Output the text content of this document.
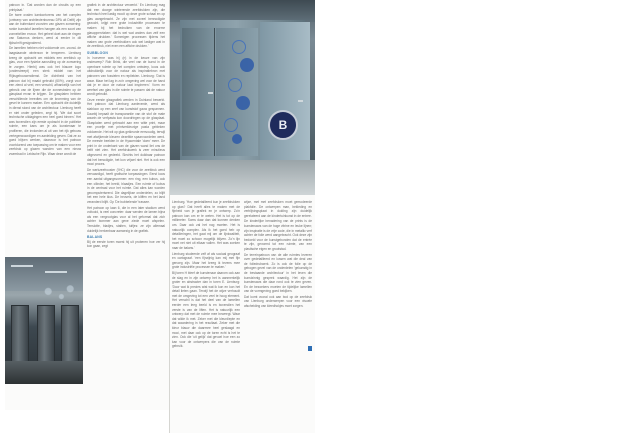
patroon in. 'Dat worden dan de circuits op een printplaat.'

De twee ovalen kantoortorens van het complex (ontwerp van architectenbureau DPA uit Delft) zijn aan de buitenkant voorzien van glazen zonwering: ranke kunststof lamellen hangen als een soort van zonnebrillen ervoor. Het geheel doet aan de ringen van Saturnus denken, werd al eerder in dit tijdschrift gesignaleerd.

De lamellen hebben niet voldoende om -vooral- de laagstaande winterzon te temperen. Lienburg kreeg de opdracht om middels een zeefdruk op glas, voor een fysieke aanvulling op de zonwering te zorgen. Hierbij was ook het blauwe logo (onderstreept) een sterk middel van het Rijksgebouwendienst. De dichtheid van het patroon dat hij maakt gebruikt (60%), zorgt voor een ziend al veel, een verschil, afhankelijk van het gebruik van de lijnen die de zonnestralen op de glasplaat ervan te krijgen. De glasplaten hebben verschillende breedtes om de kromming van de gevel te kunnen maken. Een opdracht die duidelijk in dienst stond van de architectuur. Lienburg heeft er niet onder geleden, zegt hij. 'We dat soort technische uitdagingen een heel goed binnen.' Het was bovendien zijn eerste opdracht in de publieke ruimte, een kans om je als kunstenaar te profileren, die invloeden al uit van het rijk gebouw vertegenwoordigen en aanleiding geven. Dat ze zo goed blijven werken, daarvoor is het patroon voortdurend van toepassing om te maken voor een zeefdruk op glazen wanden van een nieuw zwembad in Leidsche Rijn. Waar deze wordt de

grafiek in de architectuur verwerkt.' En Lienburg mag dat een doorge winterende zeefdrukken zijn, die technisch heel lastig mooit op deze grote schaal en op glas aangebracht. Ze zijn met zoveel bennodigde gezocht, krijgt mee grote industriële processen te maken bij het bedruiken van de enorme glasoppervlaken: dat is wel wat anders dan zelf een affiche drukken.' Sommigen processen tijdens het maken van grote zeefdrukken ook wel lastiger wat in de zeefdruk, niet even een affiche drukken.'

SUBBLOON

In hoeverre was hij (n) in de keuze van zijn onderwerp? Rob Brink, die veel van de kunst in de openbare ruimte op het complex ontwierp, koos ook uitdrukkelijk voor de natuur als inspiratiebron met patronen van fossielen en repliekien. Lienburg: 'Dat is waar. Maar het lag in zo'n omgeving wel voor de hand dat je er door de natuur laat inspireren.' Vorm en weefsel van glas in die ruimte te passen dat de natuur wordt gebruikt.

Onze eerste glasgrafiek werden in Duinland bewerkt. Het patroon dat Lienburg aanleverde, werd als stabloon op een zeef van kunststof gauw gespannen. Daarbij bepaalt de transparantie van de stof de mate waarin de verfpasta kon doordringen op de glasplaat. Glasplaten werd gebracht aan een witte print, maar een proefje met printverkleurige pasta gebleken voldoende. Het wit op glas gekleurde eenvoudig, terwijl met afwijkende kleuren dezelfde spaarvoordelen werd. De meeste beelden in de Hyacentale 'doen' meer. De print in de onderkant van de glazen wand liet ons de helft niet zien. Het zeefdrukwerk is zeer minutieus uitgevoerd en gedeeld. Slechts het duikbaar patroon dat het benodigde, het kon vrijwel niet. Het is ook een mooi proces.

De werkzeefrooster ('IHC) die voor de zeefdruk werd vervaardigd, heeft grafische toepassingen. Eerst koos een aantal uitgangsvormen: een ring, een kubus, ook een cilinder, het beeld, blaadjes. Een ruimte of kubus in de centraal voor het ruimte. Dat alles kan worden gecomputeriseerd. Die dagelijkse onderdelen, zo blijft het een hele klus. De heuvels, de kliffen en het land veranderd blijft. Op 'De bubbelende' trassee.

Het patroon op laan 6, die in een later stadium werd voltooid, is veel concreter: daar werden de lamen bijna als een vergrootglas voor al het geformal dat zich achter bommer aan gene ziede moet afspelen. Tenslotte, bladjes, stalten, tuifjes: ze zijn allemaal duidelijk herkenbaar aanwezig in de grafiek.

BALANS

Bij de eerste toren moest hij uit proberen hoe ver hij kon gaan, zegt

B

Lienburg. 'Hoe gedetailleerd kun je zeefdrukken op glas? Dat heeft alles te maken met de fijnheid van je grafiek en je ontwerp. Zo'n patroon kan om er te weten. Het is tot op de millimeter. Soms daar dan dat kunnen denken om. Daar ook zal het nog moeten. Het is natuurlijk complex. Als ik het goed heb op detailleringen, het gaat mij om de lijnkwaliteit, het moet zo schoon mogelijk blijven. Zo'n lijn moet net niet uit elkaar vallen. Het was zoeken naar de balans.'

Lienburg studeerde zelf af als sociaal geograaf en cartograaf. 'een fijnzijnig kan mij met fijn genoeg zijn. Maar het kreeg ik tevens mee grote industriële processen te maken.'

Bij toren H bleef de kunstenaar daarom ook aan de slag en in zijn ontwerp het is aanmerkelijk groter en abstracter dan in toren E. Lienburg: 'Door wat ik precies wist wat ik kon en kon het detail lieten gaan. Terwijl het de wijze verhoudt met de omgeving tot een veel te hoog element. Het verschil is dat het deel van de lamellen eerder een leeg beeld is en bovendien het verste is van de liften. Het is natuurlijk een ontwerp dat met de ruimte mee beweegt. Waar dat wilde ik met. Zeker met die kleurdiepte en dat waardering in het resultaat. Zeker met die kleur blauw die daarmee heel geslaagd en mooi, met daar ook op de toren echt is het te zien. Ook die 'uit gelijk' dat gevoel hoe een zo kan voor de ontwerpers die van de ruimte gebruik.

wijze, met met zeefdruken moet gemodeerde plakfolie. De ontwerpen man, bekleding en verblijvingsplaat in duiding zijn duidelijk gerelateerd aan de kindertuinkunst in de entree.

De kinderlijke benadering van de prints is de kunstenaars van de hoge vitrine en leuke lijnen; zijn inspiratie is de vrije code, die in metallic verf achter de folie werd aangebracht. Ook deze zijn bedoeld voor de kunstgebonden dat de entrée te zijn, gevormd tot een ruimte, van een plastische eigen en grootstad.

De terreinpatroon van de alle ruimtes leveren over gedetailleerd en lussen wat die deal van de foliedrukwerk. Zo is ook de folie op de gebogen gevel van de onderdelen 'gekunstig in de bestaande architectuur' in het leven die kunstzinnig gesprek waardig. Het zijn de kunstenaars die daar rond ook te zien geven. En de bezoekers moeten de tijdelijke lamellen van de vormgeving goed bekijken.

Dat komt vooral ook aan bod op de zeefdruk van Lienburg onderwerpen voor een visuele afscheiding van kleedhokjes moet zorgen.
